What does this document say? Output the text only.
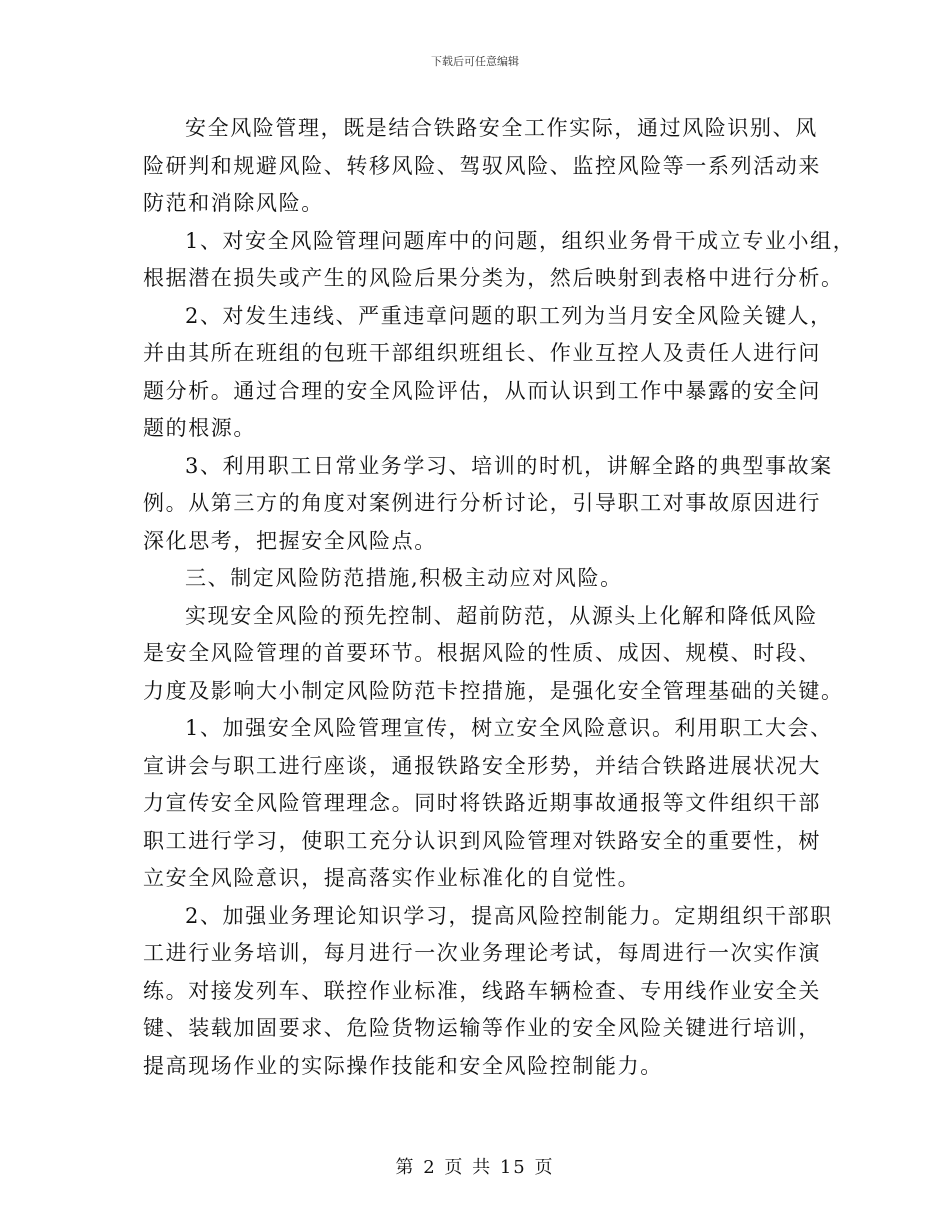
下载后可任意编辑

安全风险管理，既是结合铁路安全工作实际，通过风险识别、风
险研判和规避风险、转移风险、驾驭风险、监控风险等一系列活动来
防范和消除风险。

1、对安全风险管理问题库中的问题，组织业务骨干成立专业小组，
根据潜在损失或产生的风险后果分类为，然后映射到表格中进行分析。

2、对发生违线、严重违章问题的职工列为当月安全风险关键人，
并由其所在班组的包班干部组织班组长、作业互控人及责任人进行问
题分析。通过合理的安全风险评估，从而认识到工作中暴露的安全问
题的根源。

3、利用职工日常业务学习、培训的时机，讲解全路的典型事故案
例。从第三方的角度对案例进行分析讨论，引导职工对事故原因进行
深化思考，把握安全风险点。

三、制定风险防范措施,积极主动应对风险。

实现安全风险的预先控制、超前防范，从源头上化解和降低风险
是安全风险管理的首要环节。根据风险的性质、成因、规模、时段、
力度及影响大小制定风险防范卡控措施，是强化安全管理基础的关键。

1、加强安全风险管理宣传，树立安全风险意识。利用职工大会、
宣讲会与职工进行座谈，通报铁路安全形势，并结合铁路进展状况大
力宣传安全风险管理理念。同时将铁路近期事故通报等文件组织干部
职工进行学习，使职工充分认识到风险管理对铁路安全的重要性，树
立安全风险意识，提高落实作业标准化的自觉性。

2、加强业务理论知识学习，提高风险控制能力。定期组织干部职
工进行业务培训，每月进行一次业务理论考试，每周进行一次实作演
练。对接发列车、联控作业标准，线路车辆检查、专用线作业安全关
键、装载加固要求、危险货物运输等作业的安全风险关键进行培训，
提高现场作业的实际操作技能和安全风险控制能力。

第 2 页 共 15 页
